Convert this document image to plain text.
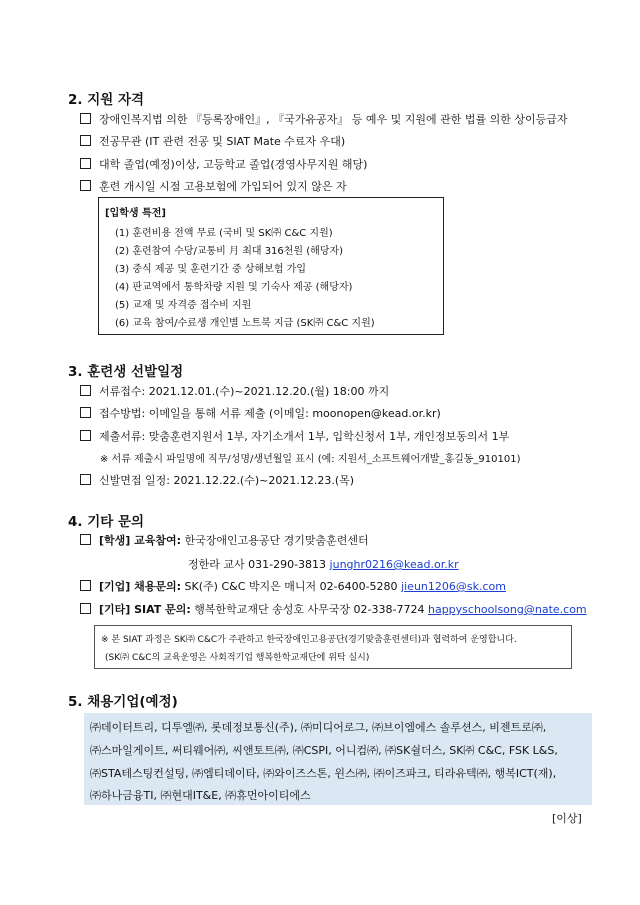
2. 지원 자격
장애인복지법 의한 『등록장애인』, 『국가유공자』 등 예우 및 지원에 관한 법률 의한 상이등급자
전공무관 (IT 관련 전공 및 SIAT Mate 수료자 우대)
대학 졸업(예정)이상, 고등학교 졸업(경영사무지원 해당)
훈련 개시일 시점 고용보험에 가입되어 있지 않은 자
[입학생 특전]
(1) 훈련비용 전액 무료 (국비 및 SK㈜ C&C 지원)
(2) 훈련참여 수당/교통비 月 최대 316천원 (해당자)
(3) 중식 제공 및 훈련기간 중 상해보험 가입
(4) 판교역에서 통학차량 지원 및 기숙사 제공 (해당자)
(5) 교재 및 자격증 접수비 지원
(6) 교육 참여/수료생 개인별 노트북 지급 (SK㈜ C&C 지원)
3. 훈련생 선발일정
서류접수: 2021.12.01.(수)~2021.12.20.(월) 18:00 까지
접수방법: 이메일을 통해 서류 제출 (이메일: moonopen@kead.or.kr)
제출서류: 맞춤훈련지원서 1부, 자기소개서 1부, 입학신청서 1부, 개인정보동의서 1부
※ 서류 제출시 파일명에 직무/성명/생년월일 표시 (예: 지원서_소프트웨어개발_홍길동_910101)
신발면접 일정: 2021.12.22.(수)~2021.12.23.(목)
4. 기타 문의
[학생] 교육참여: 한국장애인고용공단 경기맞춤훈련센터
정한라 교사 031-290-3813 junghr0216@kead.or.kr
[기업] 채용문의: SK(주) C&C 박지은 매니저 02-6400-5280 jieun1206@sk.com
[기타] SIAT 문의: 행복한학교재단 송성호 사무국장 02-338-7724 happyschoolsong@nate.com
※ 본 SIAT 과정은 SK㈜ C&C가 주관하고 한국장애인고용공단(경기맞춤훈련센터)과 협력하여 운영합니다.
(SK㈜ C&C의 교육운영은 사회적기업 행복한학교재단에 위탁 실시)
5. 채용기업(예정)
㈜데이터트리, 디투엘㈜, 롯데정보통신(주), ㈜미디어로그, ㈜브이엠에스 솔루션스, 비젠트로㈜,
㈜스마일게이트, 써티웨어㈜, 씨앤토트㈜, ㈜CSPI, 어니컴㈜, ㈜SK쉴더스, SK㈜ C&C, FSK L&S,
㈜STA테스팅컨설팅, ㈜엠티데이타, ㈜와이즈스톤, 윈스㈜, ㈜이즈파크, 티라유텍㈜, 행복ICT(재),
㈜하나금융TI, ㈜현대IT&E, ㈜휴먼아이티에스
[이상]
